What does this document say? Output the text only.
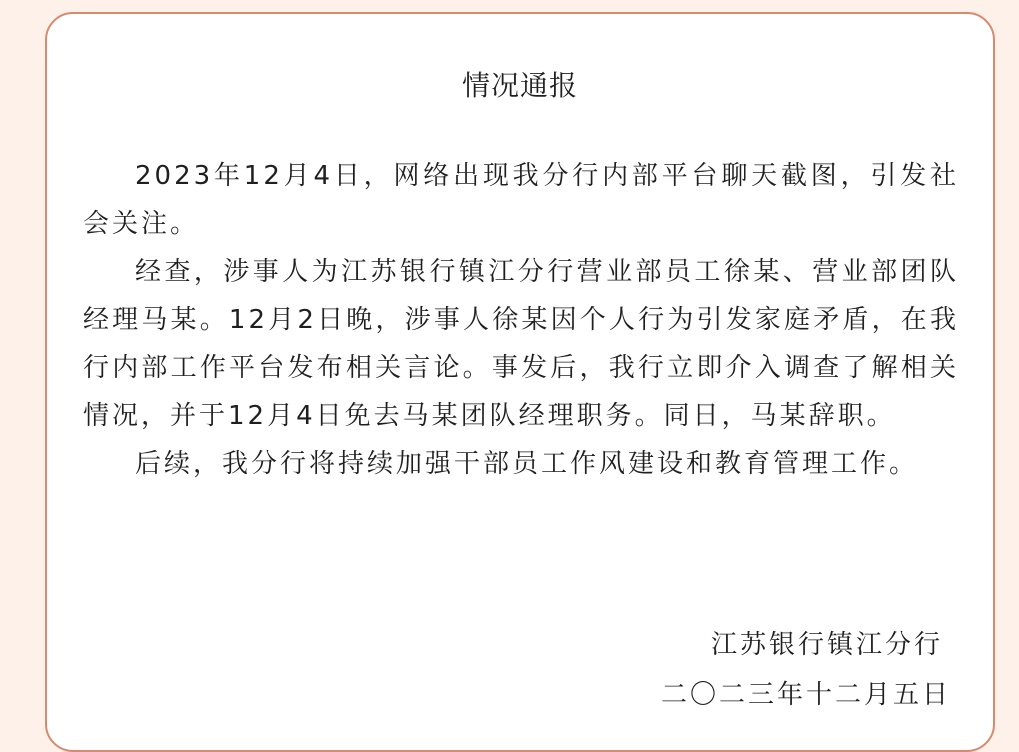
情况通报

2023年12月4日，网络出现我分行内部平台聊天截图，引发社会关注。

经查，涉事人为江苏银行镇江分行营业部员工徐某、营业部团队经理马某。12月2日晚，涉事人徐某因个人行为引发家庭矛盾，在我行内部工作平台发布相关言论。事发后，我行立即介入调查了解相关情况，并于12月4日免去马某团队经理职务。同日，马某辞职。

后续，我分行将持续加强干部员工作风建设和教育管理工作。

江苏银行镇江分行
二〇二三年十二月五日
